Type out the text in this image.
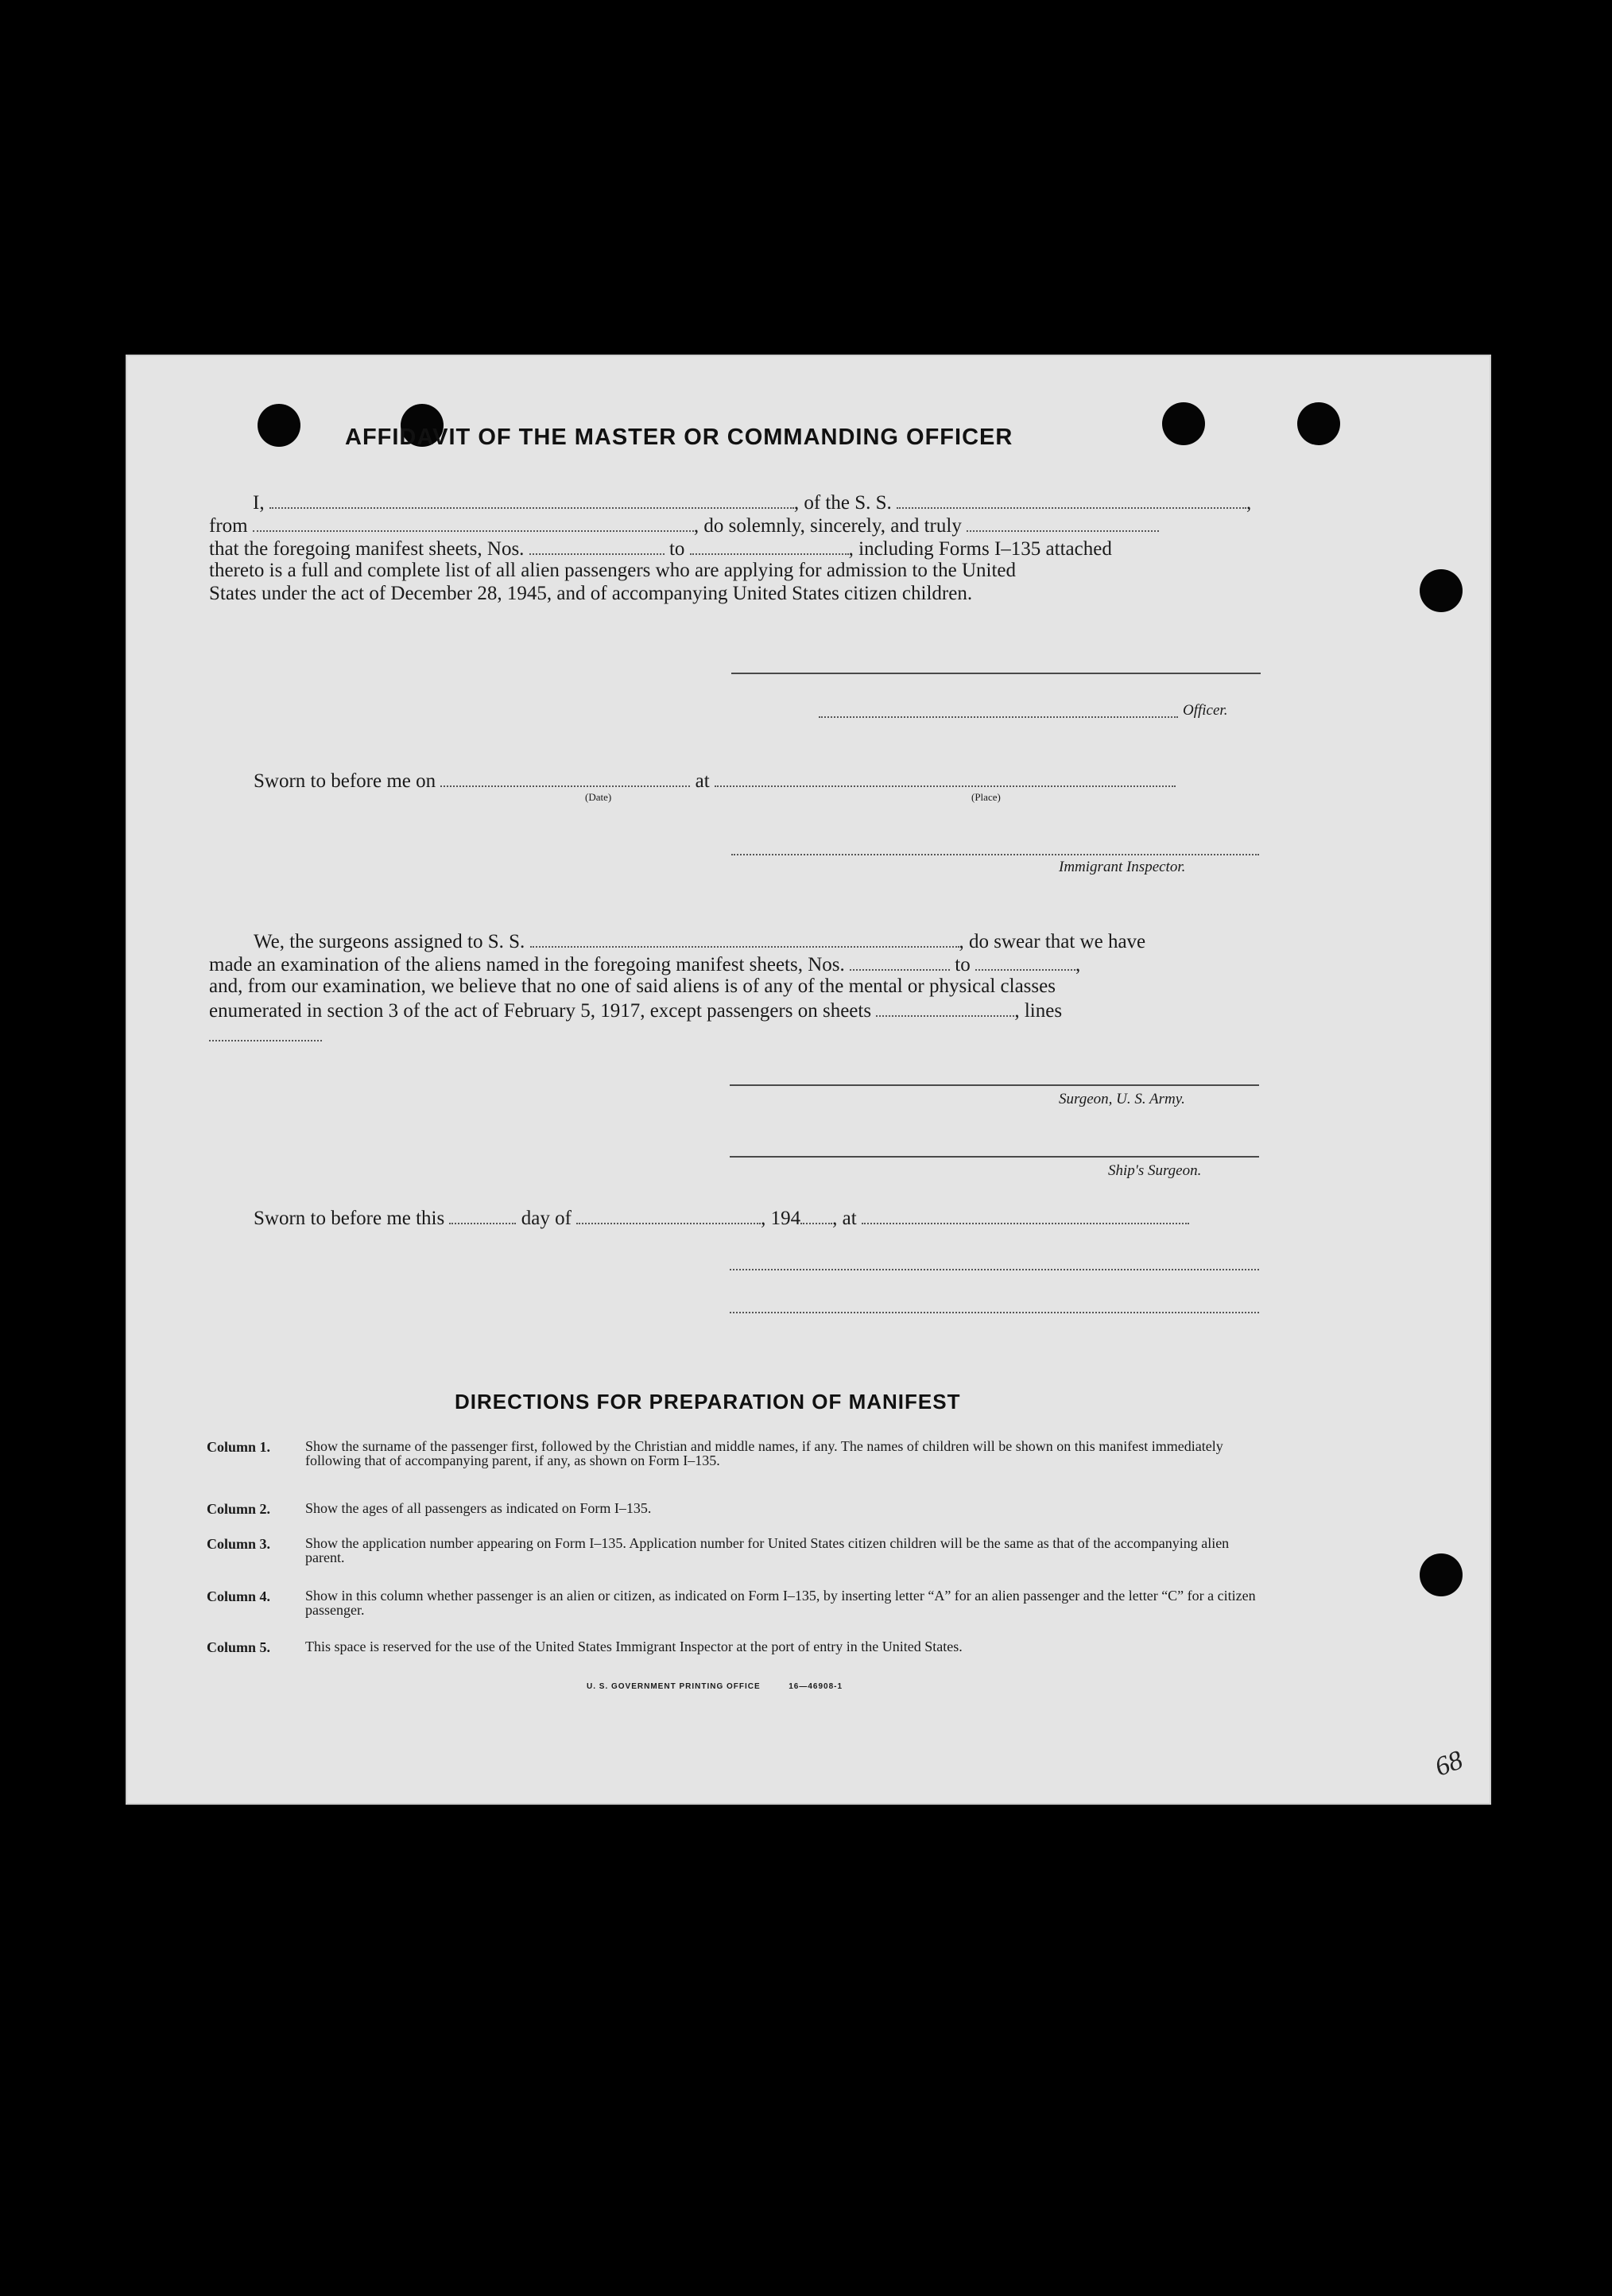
AFFIDAVIT OF THE MASTER OR COMMANDING OFFICER
I,	, of the S. S.	,
from	, do solemnly, sincerely, and truly
that the foregoing manifest sheets, Nos.	to	, including Forms I–135 attached
thereto is a full and complete list of all alien passengers who are applying for admission to the United
States under the act of December 28, 1945, and of accompanying United States citizen children.
Officer.
Sworn to before me on	at
(Date)	(Place)
Immigrant Inspector.
We, the surgeons assigned to S. S.	, do swear that we have
made an examination of the aliens named in the foregoing manifest sheets, Nos.	to	,
and, from our examination, we believe that no one of said aliens is of any of the mental or physical classes
enumerated in section 3 of the act of February 5, 1917, except passengers on sheets	, lines
Surgeon, U. S. Army.
Ship's Surgeon.
Sworn to before me this	day of	, 194 , at
DIRECTIONS FOR PREPARATION OF MANIFEST
Column 1. Show the surname of the passenger first, followed by the Christian and middle names, if any. The names of children will be shown on this manifest immediately following that of accompanying parent, if any, as shown on Form I–135.
Column 2. Show the ages of all passengers as indicated on Form I–135.
Column 3. Show the application number appearing on Form I–135. Application number for United States citizen children will be the same as that of the accompanying alien parent.
Column 4. Show in this column whether passenger is an alien or citizen, as indicated on Form I–135, by inserting letter “A” for an alien passenger and the letter “C” for a citizen passenger.
Column 5. This space is reserved for the use of the United States Immigrant Inspector at the port of entry in the United States.
U. S. GOVERNMENT PRINTING OFFICE	16—46908-1
68
